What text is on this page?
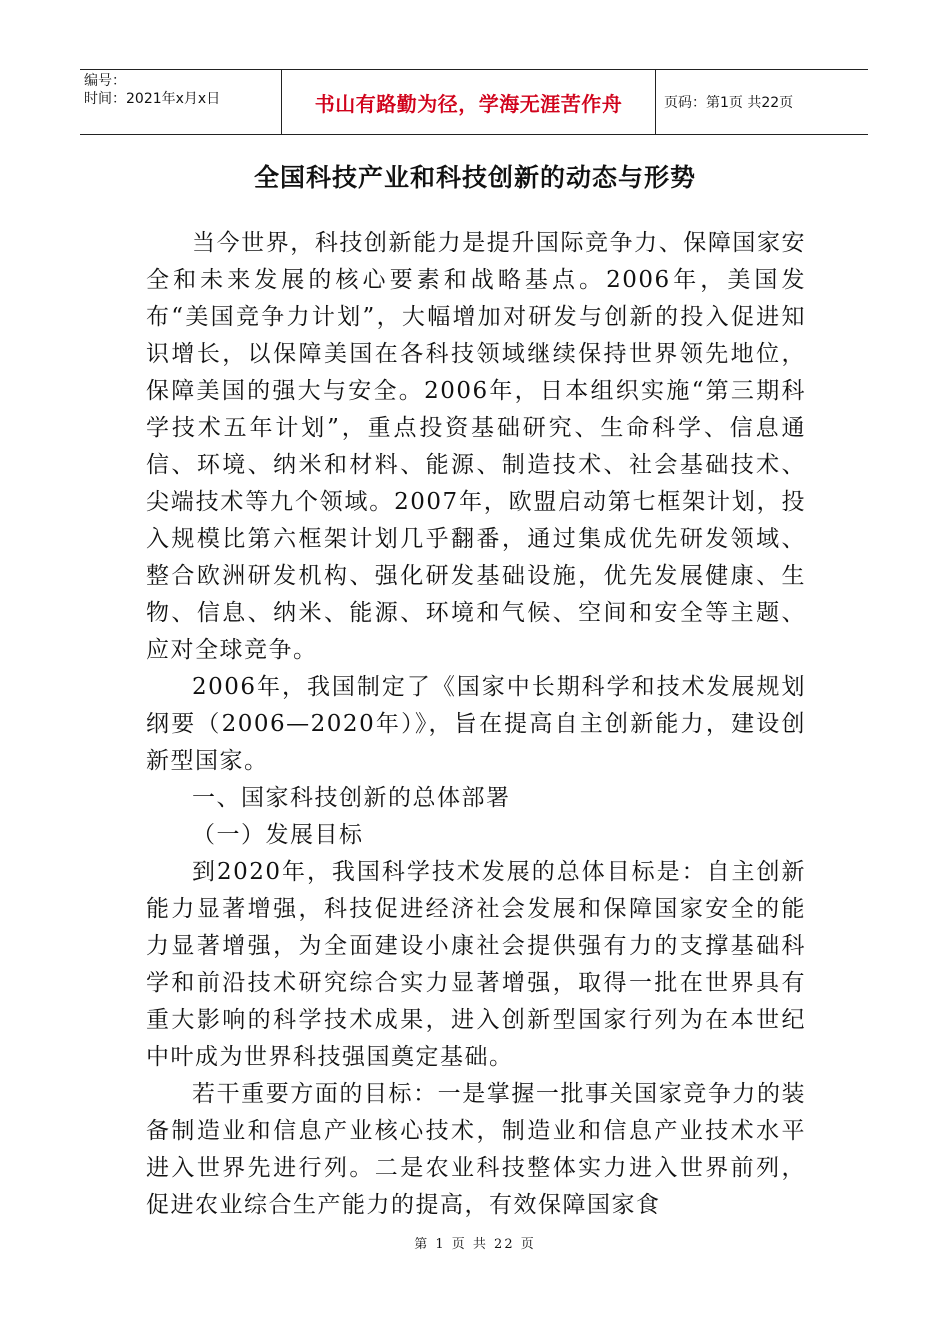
编号：
时间：2021年x月x日	书山有路勤为径，学海无涯苦作舟	页码：第1页 共22页
全国科技产业和科技创新的动态与形势

当今世界，科技创新能力是提升国际竞争力、保障国家安全和未来发展的核心要素和战略基点。2006年，美国发布“美国竞争力计划”，大幅增加对研发与创新的投入促进知识增长，以保障美国在各科技领域继续保持世界领先地位，保障美国的强大与安全。2006年，日本组织实施“第三期科学技术五年计划”，重点投资基础研究、生命科学、信息通信、环境、纳米和材料、能源、制造技术、社会基础技术、尖端技术等九个领域。2007年，欧盟启动第七框架计划，投入规模比第六框架计划几乎翻番，通过集成优先研发领域、整合欧洲研发机构、强化研发基础设施，优先发展健康、生物、信息、纳米、能源、环境和气候、空间和安全等主题、应对全球竞争。

2006年，我国制定了《国家中长期科学和技术发展规划纲要（2006—2020年）》，旨在提高自主创新能力，建设创新型国家。

一、国家科技创新的总体部署

（一）发展目标

到2020年，我国科学技术发展的总体目标是：自主创新能力显著增强，科技促进经济社会发展和保障国家安全的能力显著增强，为全面建设小康社会提供强有力的支撑基础科学和前沿技术研究综合实力显著增强，取得一批在世界具有重大影响的科学技术成果，进入创新型国家行列为在本世纪中叶成为世界科技强国奠定基础。

若干重要方面的目标：一是掌握一批事关国家竞争力的装备制造业和信息产业核心技术，制造业和信息产业技术水平进入世界先进行列。二是农业科技整体实力进入世界前列，促进农业综合生产能力的提高，有效保障国家食

第 1 页 共 22 页
